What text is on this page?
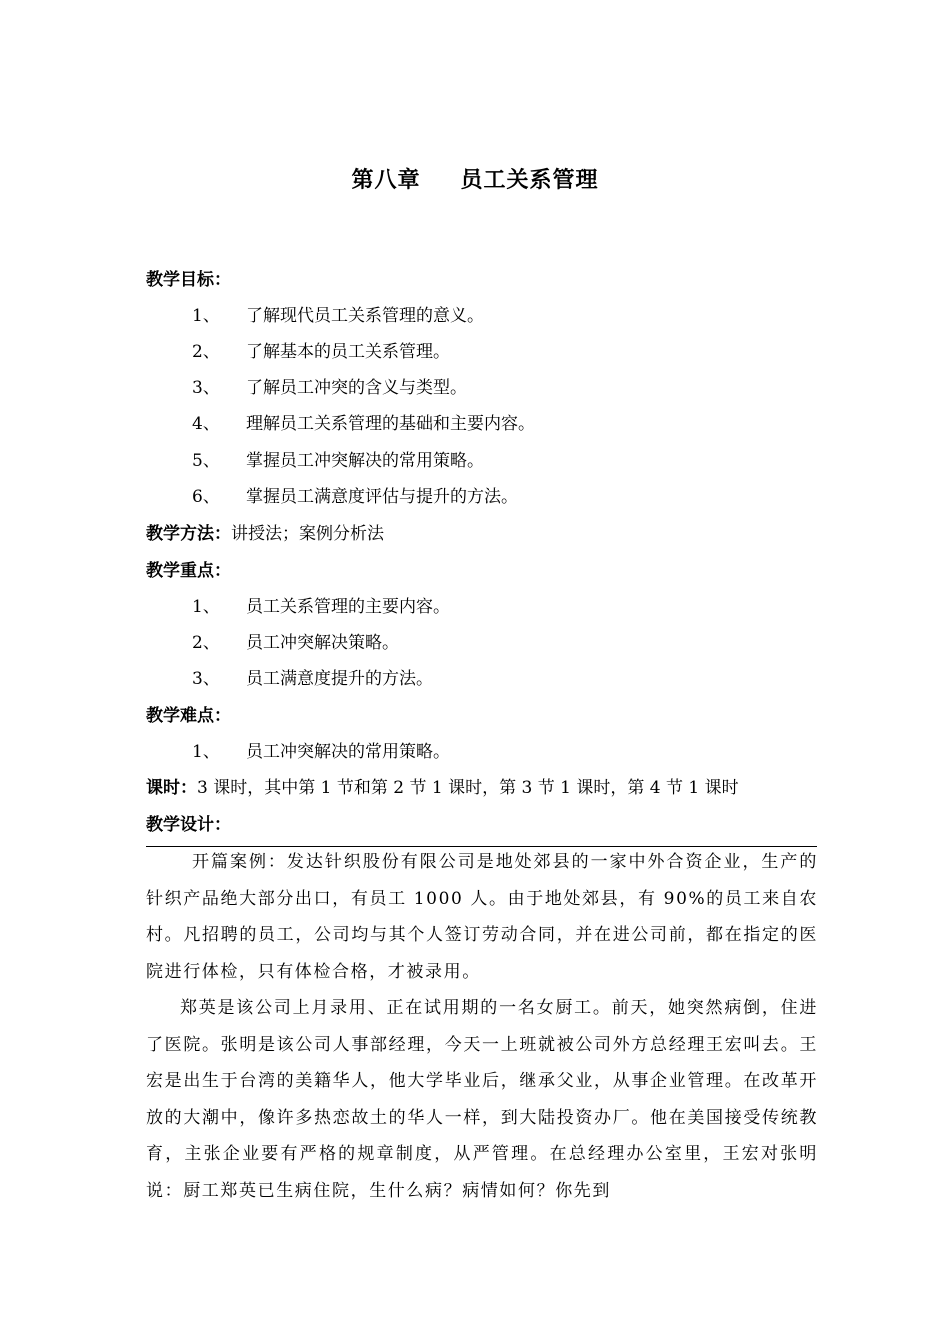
第八章 员工关系管理
教学目标：
1、 了解现代员工关系管理的意义。
2、 了解基本的员工关系管理。
3、 了解员工冲突的含义与类型。
4、 理解员工关系管理的基础和主要内容。
5、 掌握员工冲突解决的常用策略。
6、 掌握员工满意度评估与提升的方法。
教学方法：讲授法；案例分析法
教学重点：
1、 员工关系管理的主要内容。
2、 员工冲突解决策略。
3、 员工满意度提升的方法。
教学难点：
1、 员工冲突解决的常用策略。
课时：3 课时，其中第 1 节和第 2 节 1 课时，第 3 节 1 课时，第 4 节 1 课时
教学设计：
开篇案例：发达针织股份有限公司是地处郊县的一家中外合资企业，生产的针织产品绝大部分出口，有员工 1000 人。由于地处郊县，有 90%的员工来自农村。凡招聘的员工，公司均与其个人签订劳动合同，并在进公司前，都在指定的医院进行体检，只有体检合格，才被录用。
郑英是该公司上月录用、正在试用期的一名女厨工。前天，她突然病倒，住进了医院。张明是该公司人事部经理，今天一上班就被公司外方总经理王宏叫去。王宏是出生于台湾的美籍华人，他大学毕业后，继承父业，从事企业管理。在改革开放的大潮中，像许多热恋故土的华人一样，到大陆投资办厂。他在美国接受传统教育，主张企业要有严格的规章制度，从严管理。在总经理办公室里，王宏对张明说：厨工郑英已生病住院，生什么病？病情如何？你先到
